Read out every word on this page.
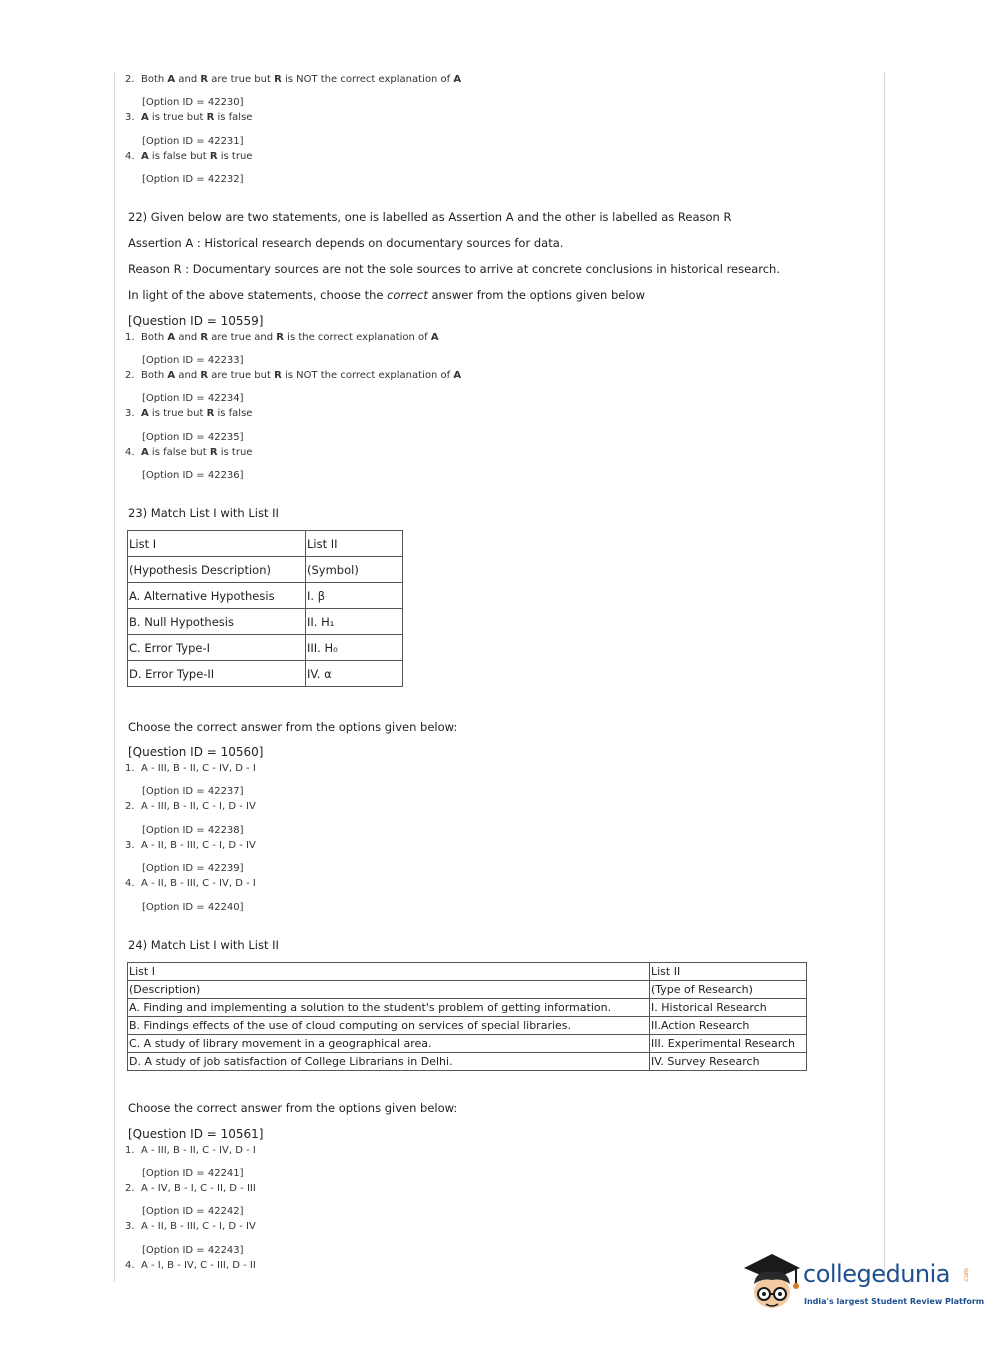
2. Both A and R are true but R is NOT the correct explanation of A
[Option ID = 42230]
3. A is true but R is false
[Option ID = 42231]
4. A is false but R is true
[Option ID = 42232]
22) Given below are two statements, one is labelled as Assertion A and the other is labelled as Reason R
Assertion A : Historical research depends on documentary sources for data.
Reason R : Documentary sources are not the sole sources to arrive at concrete conclusions in historical research.
In light of the above statements, choose the correct answer from the options given below
[Question ID = 10559]
1. Both A and R are true and R is the correct explanation of A
[Option ID = 42233]
2. Both A and R are true but R is NOT the correct explanation of A
[Option ID = 42234]
3. A is true but R is false
[Option ID = 42235]
4. A is false but R is true
[Option ID = 42236]
23) Match List I with List II
List I	List II
(Hypothesis Description)	(Symbol)
A. Alternative Hypothesis	I. β
B. Null Hypothesis	II. H₁
C. Error Type-I	III. H₀
D. Error Type-II	IV. α
Choose the correct answer from the options given below:
[Question ID = 10560]
1. A - III, B - II, C - IV, D - I
[Option ID = 42237]
2. A - III, B - II, C - I, D - IV
[Option ID = 42238]
3. A - II, B - III, C - I, D - IV
[Option ID = 42239]
4. A - II, B - III, C - IV, D - I
[Option ID = 42240]
24) Match List I with List II
List I	List II
(Description)	(Type of Research)
A. Finding and implementing a solution to the student's problem of getting information.	I. Historical Research
B. Findings effects of the use of cloud computing on services of special libraries.	II.Action Research
C. A study of library movement in a geographical area.	III. Experimental Research
D. A study of job satisfaction of College Librarians in Delhi.	IV. Survey Research
Choose the correct answer from the options given below:
[Question ID = 10561]
1. A - III, B - II, C - IV, D - I
[Option ID = 42241]
2. A - IV, B - I, C - II, D - III
[Option ID = 42242]
3. A - II, B - III, C - I, D - IV
[Option ID = 42243]
4. A - I, B - IV, C - III, D - II	collegedunia .com
India's largest Student Review Platform
